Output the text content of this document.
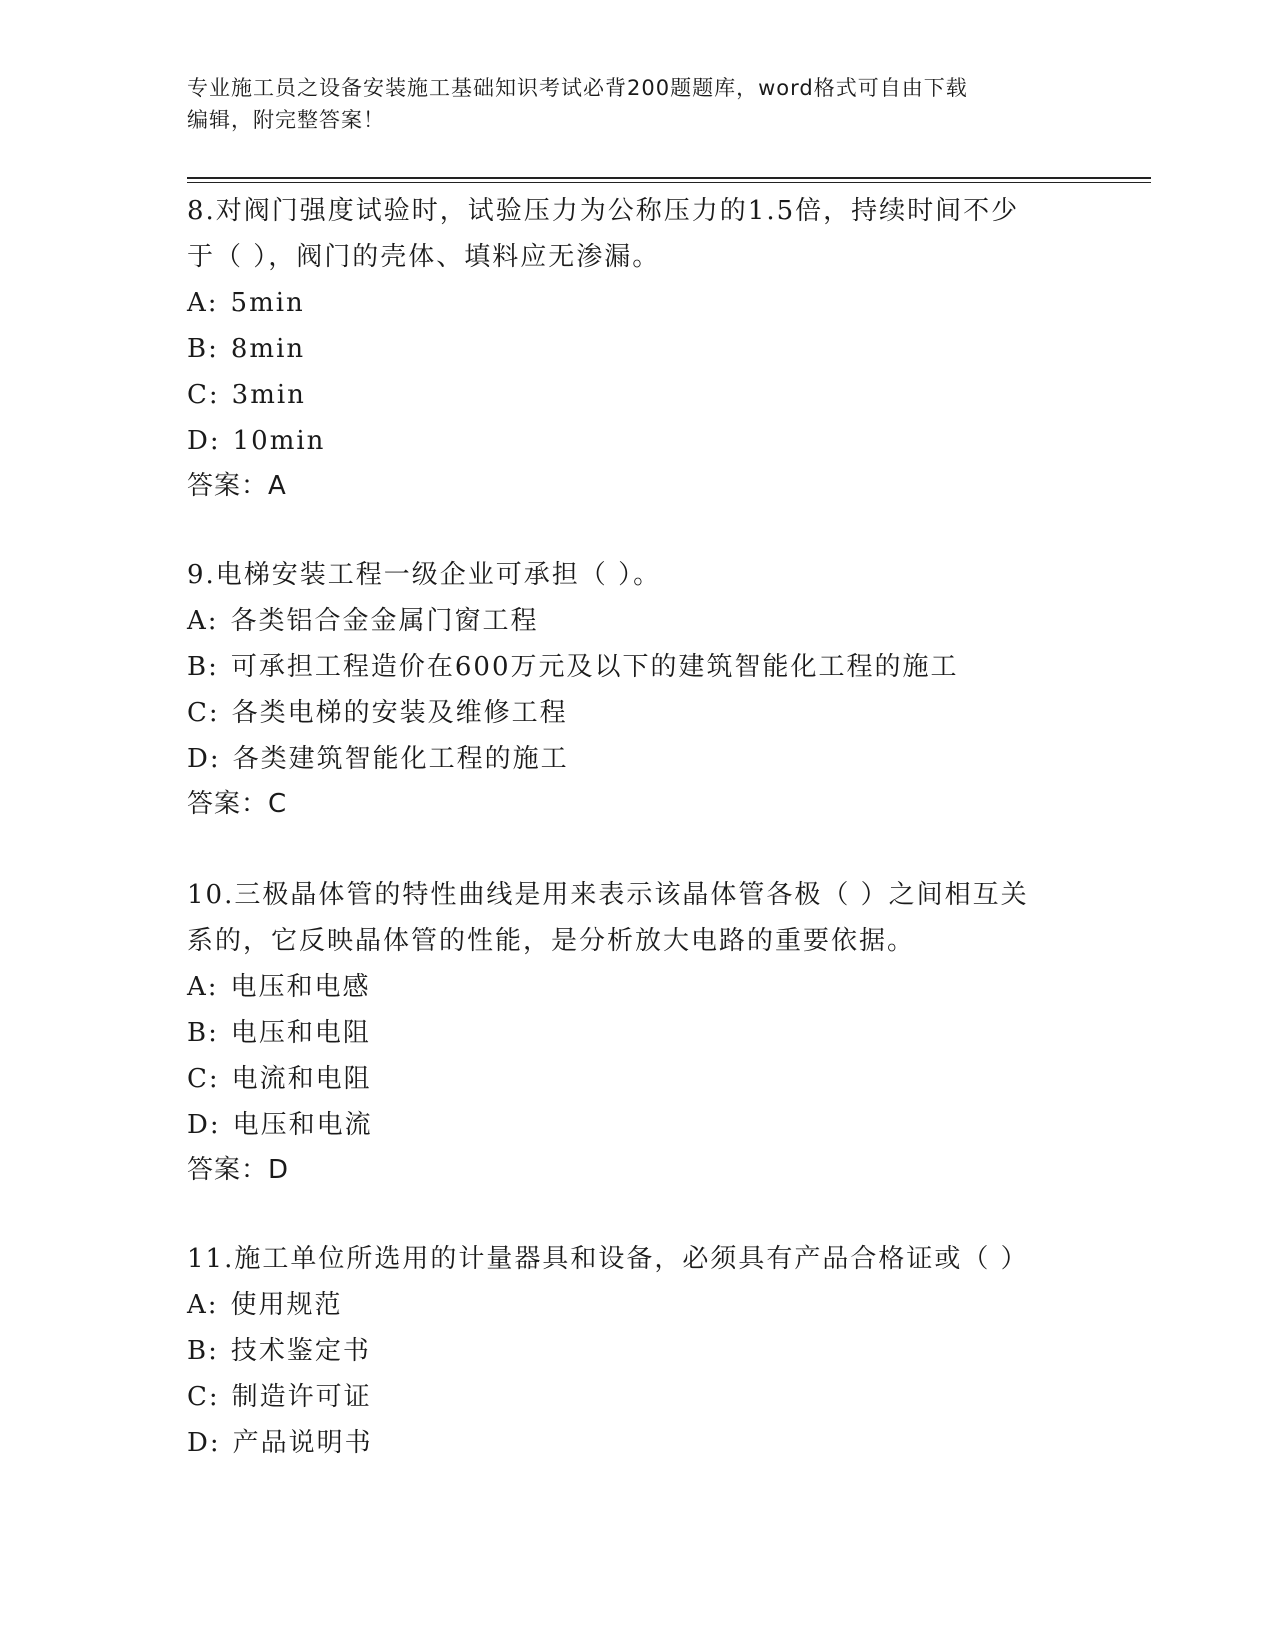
专业施工员之设备安装施工基础知识考试必背200题题库，word格式可自由下载
编辑，附完整答案！
8.对阀门强度试验时，试验压力为公称压力的1.5倍，持续时间不少
于（ ），阀门的壳体、填料应无渗漏。
A: 5min
B: 8min
C: 3min
D: 10min
答案：A
9.电梯安装工程一级企业可承担（ ）。
A: 各类铝合金金属门窗工程
B: 可承担工程造价在600万元及以下的建筑智能化工程的施工
C: 各类电梯的安装及维修工程
D: 各类建筑智能化工程的施工
答案：C
10.三极晶体管的特性曲线是用来表示该晶体管各极（ ）之间相互关
系的，它反映晶体管的性能，是分析放大电路的重要依据。
A: 电压和电感
B: 电压和电阻
C: 电流和电阻
D: 电压和电流
答案：D
11.施工单位所选用的计量器具和设备，必须具有产品合格证或（ ）
A: 使用规范
B: 技术鉴定书
C: 制造许可证
D: 产品说明书
